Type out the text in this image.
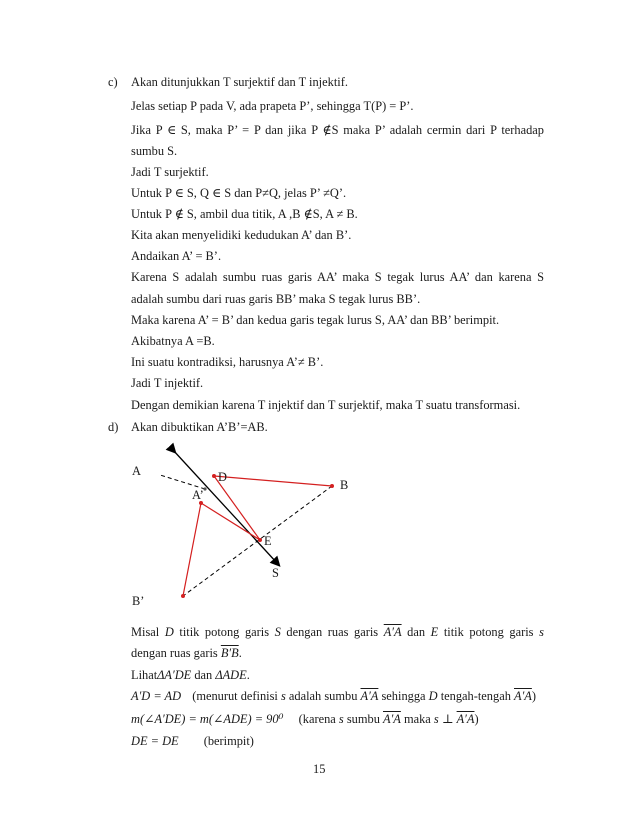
c) Akan ditunjukkan T surjektif dan T injektif.
Jelas setiap P pada V, ada prapeta P’, sehingga T(P) = P’.
Jika P ∈ S, maka P’ = P dan jika P ∉S maka P’ adalah cermin dari P terhadap
sumbu S.
Jadi T surjektif.
Untuk P ∈ S, Q ∈ S dan P≠Q, jelas P’ ≠Q’.
Untuk P ∉ S, ambil dua titik, A ,B ∉S, A ≠ B.
Kita akan menyelidiki kedudukan A’ dan B’.
Andaikan A’ = B’.
Karena S adalah sumbu ruas garis AA’ maka S tegak lurus AA’ dan karena S
adalah sumbu dari ruas garis BB’ maka S tegak lurus BB’.
Maka karena A’ = B’ dan kedua garis tegak lurus S, AA’ dan BB’ berimpit.
Akibatnya A =B.
Ini suatu kontradiksi, harusnya A’≠ B’.
Jadi T injektif.
Dengan demikian karena T injektif dan T surjektif, maka T suatu transformasi.
d) Akan dibuktikan A’B’=AB.
A	D
B
A’
E
S
B’
Misal D titik potong garis S dengan ruas garis A′A dan E titik potong garis s
dengan ruas garis B′B.
LihatΔA′DE dan ΔADE.
A′D = AD (menurut definisi s adalah sumbu A′A sehingga D tengah-tengah A′A)
m(∠A′DE) = m(∠ADE) = 90⁰ (karena s sumbu A′A maka s ⊥ A′A)
DE = DE (berimpit)
15
